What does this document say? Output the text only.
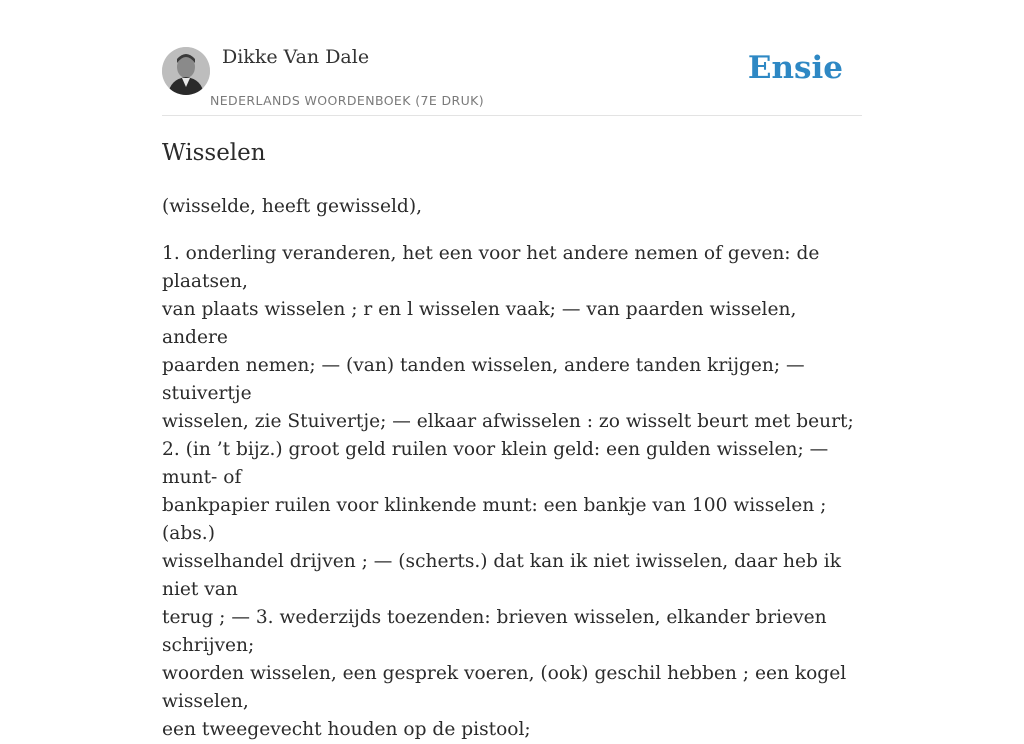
Dikke Van Dale
NEDERLANDS WOORDENBOEK (7E DRUK)
Ensie
Wisselen

(wisselde, heeft gewisseld),

1. onderling veranderen, het een voor het andere nemen of geven: de plaatsen,
van plaats wisselen ; r en l wisselen vaak; — van paarden wisselen, andere
paarden nemen; — (van) tanden wisselen, andere tanden krijgen; — stuivertje
wisselen, zie Stuivertje; — elkaar afwisselen : zo wisselt beurt met beurt;
2. (in ’t bijz.) groot geld ruilen voor klein geld: een gulden wisselen; — munt- of
bankpapier ruilen voor klinkende munt: een bankje van 100 wisselen ; (abs.)
wisselhandel drijven ; — (scherts.) dat kan ik niet iwisselen, daar heb ik niet van
terug ; — 3. wederzijds toezenden: brieven wisselen, elkander brieven schrijven;
woorden wisselen, een gesprek voeren, (ook) geschil hebben ; een kogel wisselen,
een tweegevecht houden op de pistool;
